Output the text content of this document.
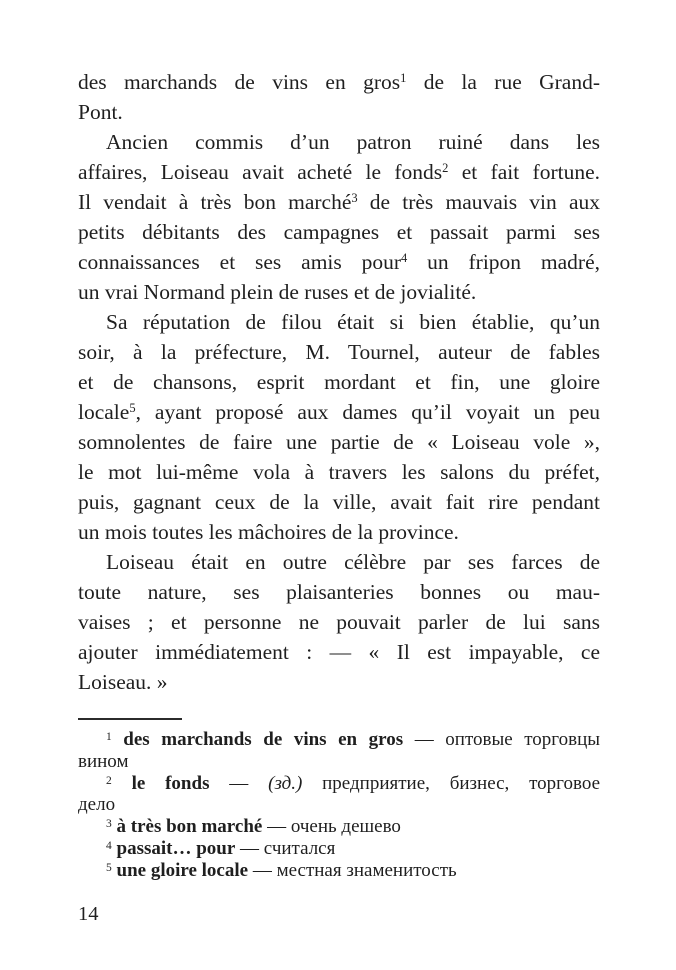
des marchands de vins en gros$^1$ de la rue Grand-
Pont.
Ancien commis d’un patron ruiné dans les
affaires, Loiseau avait acheté le fonds$^2$ et fait fortune.
Il vendait à très bon marché$^3$ de très mauvais vin aux
petits débitants des campagnes et passait parmi ses
connaissances et ses amis pour$^4$ un fripon madré,
un vrai Normand plein de ruses et de jovialité.
Sa réputation de filou était si bien établie, qu’un
soir, à la préfecture, M. Tournel, auteur de fables
et de chansons, esprit mordant et fin, une gloire
locale$^5$, ayant proposé aux dames qu’il voyait un peu
somnolentes de faire une partie de « Loiseau vole »,
le mot lui-même vola à travers les salons du préfet,
puis, gagnant ceux de la ville, avait fait rire pendant
un mois toutes les mâchoires de la province.
Loiseau était en outre célèbre par ses farces de
toute nature, ses plaisanteries bonnes ou mau-
vaises ; et personne ne pouvait parler de lui sans
ajouter immédiatement : — « Il est impayable, ce
Loiseau. »
$^1$ des marchands de vins en gros — оптовые торговцы
вином
$^2$ le fonds — (зд.) предприятие, бизнес, торговое
дело
$^3$ à très bon marché — очень дешево
$^4$ passait… pour — считался
$^5$ une gloire locale — местная знаменитость
14
